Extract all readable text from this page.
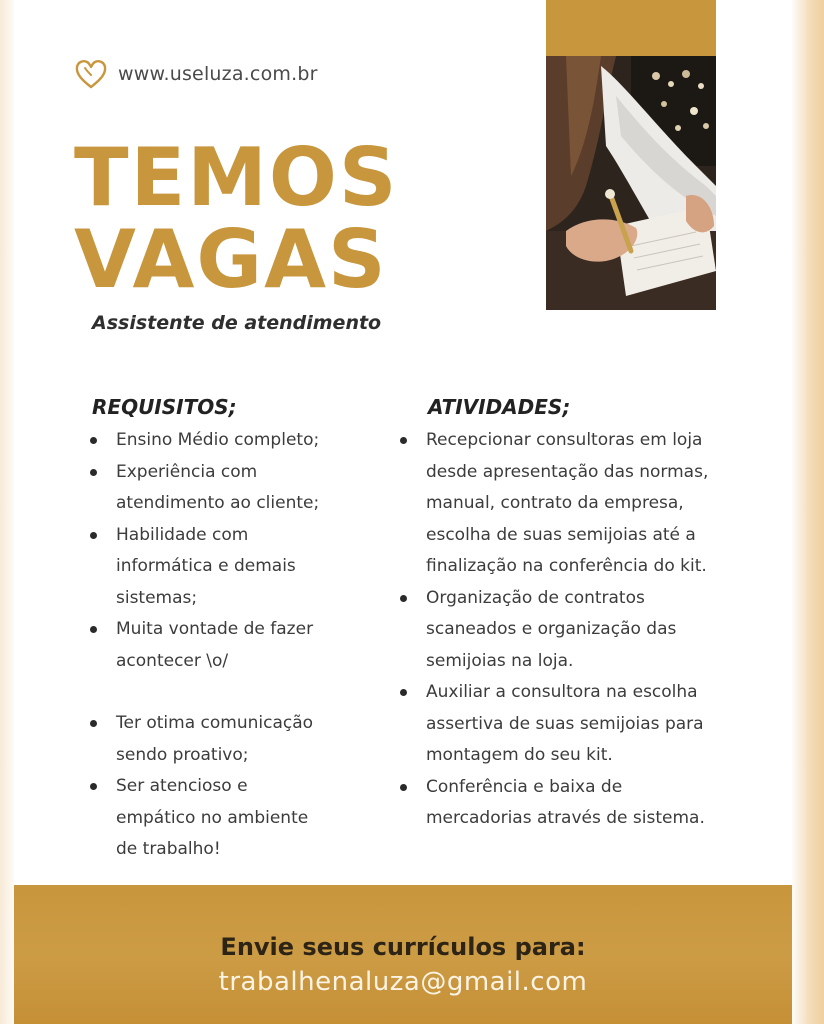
www.useluza.com.br
TEMOS
VAGAS
Assistente de atendimento
REQUISITOS;
Ensino Médio completo;
Experiência com
atendimento ao cliente;
Habilidade com
informática e demais
sistemas;
Muita vontade de fazer
acontecer \o/
Ter otima comunicação
sendo proativo;
Ser atencioso e
empático no ambiente
de trabalho!
ATIVIDADES;
Recepcionar consultoras em loja
desde apresentação das normas,
manual, contrato da empresa,
escolha de suas semijoias até a
finalização na conferência do kit.
Organização de contratos
scaneados e organização das
semijoias na loja.
Auxiliar a consultora na escolha
assertiva de suas semijoias para
montagem do seu kit.
Conferência e baixa de
mercadorias através de sistema.
Envie seus currículos para:
trabalhenaluza@gmail.com
